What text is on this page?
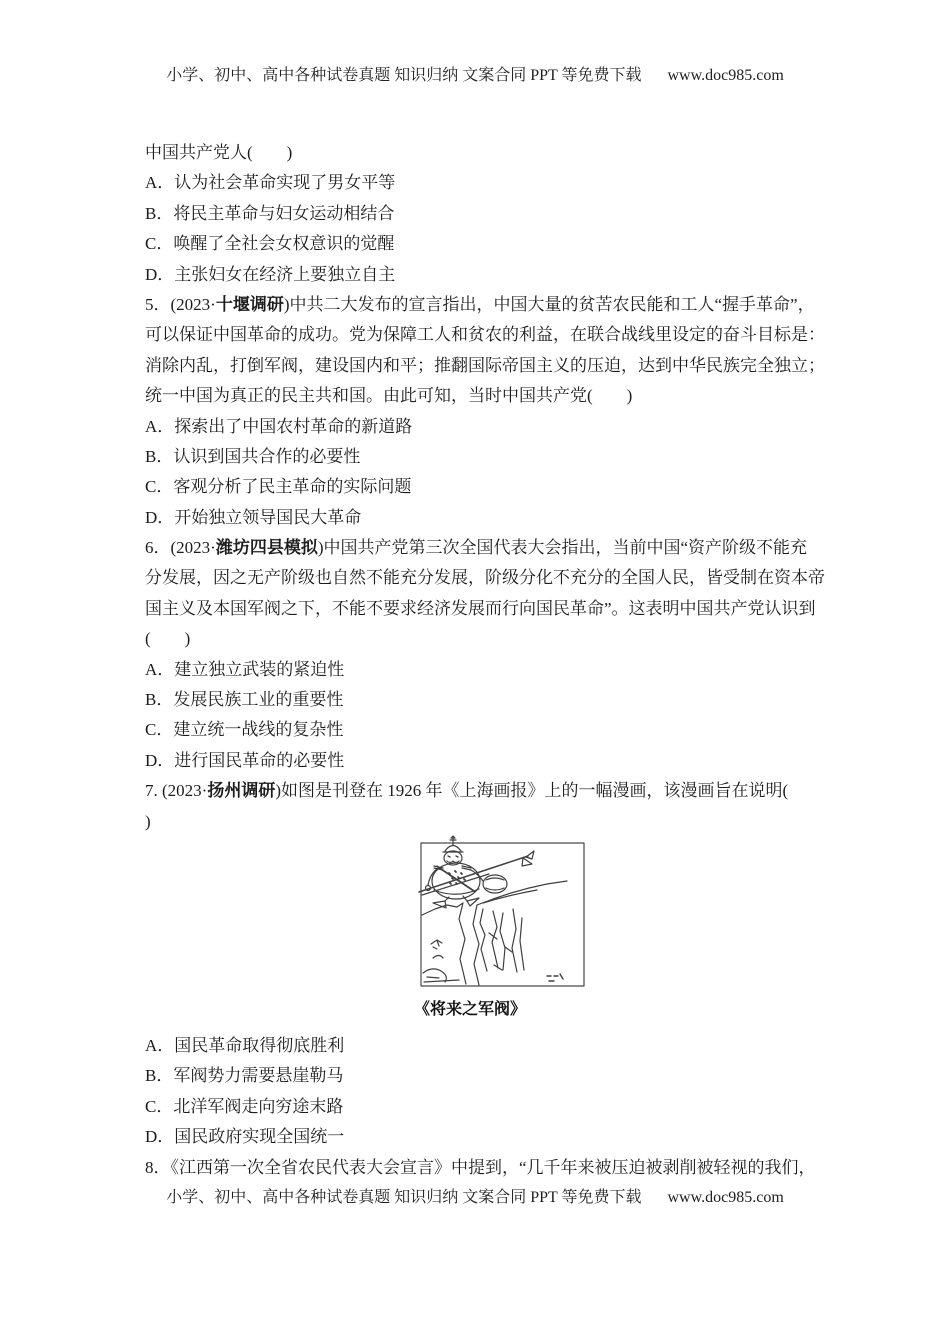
小学、初中、高中各种试卷真题 知识归纳 文案合同 PPT 等免费下载 www.doc985.com
中国共产党人(　　)
A．认为社会革命实现了男女平等
B．将民主革命与妇女运动相结合
C．唤醒了全社会女权意识的觉醒
D．主张妇女在经济上要独立自主
5．(2023·十堰调研)中共二大发布的宣言指出，中国大量的贫苦农民能和工人“握手革命”，
可以保证中国革命的成功。党为保障工人和贫农的利益，在联合战线里设定的奋斗目标是：
消除内乱，打倒军阀，建设国内和平；推翻国际帝国主义的压迫，达到中华民族完全独立；
统一中国为真正的民主共和国。由此可知，当时中国共产党(　　)
A．探索出了中国农村革命的新道路
B．认识到国共合作的必要性
C．客观分析了民主革命的实际问题
D．开始独立领导国民大革命
6．(2023·潍坊四县模拟)中国共产党第三次全国代表大会指出，当前中国“资产阶级不能充
分发展，因之无产阶级也自然不能充分发展，阶级分化不充分的全国人民，皆受制在资本帝
国主义及本国军阀之下，不能不要求经济发展而行向国民革命”。这表明中国共产党认识到
(　　)
A．建立独立武装的紧迫性
B．发展民族工业的重要性
C．建立统一战线的复杂性
D．进行国民革命的必要性
7. (2023·扬州调研)如图是刊登在 1926 年《上海画报》上的一幅漫画，该漫画旨在说明(
)
《将来之军阀》
A．国民革命取得彻底胜利
B．军阀势力需要悬崖勒马
C．北洋军阀走向穷途末路
D．国民政府实现全国统一
8．《江西第一次全省农民代表大会宣言》中提到，“几千年来被压迫被剥削被轻视的我们，
小学、初中、高中各种试卷真题 知识归纳 文案合同 PPT 等免费下载 www.doc985.com
